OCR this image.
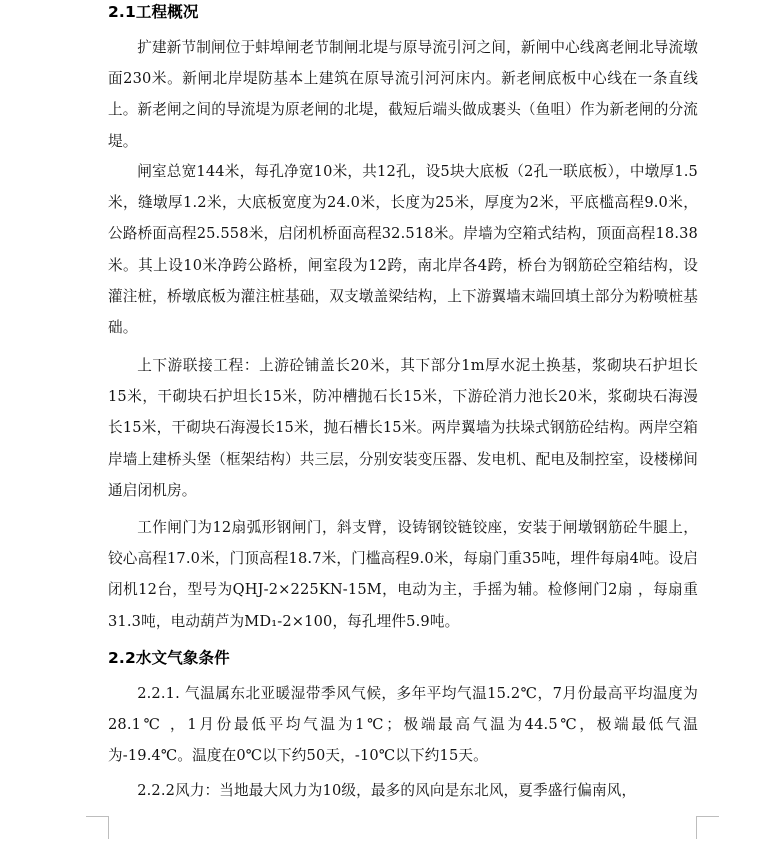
2.1工程概况

扩建新节制闸位于蚌埠闸老节制闸北堤与原导流引河之间，新闸中心线离老闸北导流墩面230米。新闸北岸堤防基本上建筑在原导流引河河床内。新老闸底板中心线在一条直线上。新老闸之间的导流堤为原老闸的北堤，截短后端头做成裹头（鱼咀）作为新老闸的分流堤。

闸室总宽144米，每孔净宽10米，共12孔，设5块大底板（2孔一联底板），中墩厚1.5米，缝墩厚1.2米，大底板宽度为24.0米，长度为25米，厚度为2米，平底槛高程9.0米，公路桥面高程25.558米，启闭机桥面高程32.518米。岸墙为空箱式结构，顶面高程18.38米。其上设10米净跨公路桥，闸室段为12跨，南北岸各4跨，桥台为钢筋砼空箱结构，设灌注桩，桥墩底板为灌注桩基础，双支墩盖梁结构，上下游翼墙末端回填土部分为粉喷桩基础。

上下游联接工程：上游砼铺盖长20米，其下部分1m厚水泥土换基，浆砌块石护坦长15米，干砌块石护坦长15米，防冲槽抛石长15米，下游砼消力池长20米，浆砌块石海漫长15米，干砌块石海漫长15米，抛石槽长15米。两岸翼墙为扶垛式钢筋砼结构。两岸空箱岸墙上建桥头堡（框架结构）共三层，分别安装变压器、发电机、配电及制控室，设楼梯间通启闭机房。

工作闸门为12扇弧形钢闸门，斜支臂，设铸钢铰链铰座，安装于闸墩钢筋砼牛腿上，铰心高程17.0米，门顶高程18.7米，门槛高程9.0米，每扇门重35吨，埋件每扇4吨。设启闭机12台，型号为QHJ-2×225KN-15M，电动为主，手摇为辅。检修闸门2扇 ，每扇重31.3吨，电动葫芦为MD₁-2×100，每孔埋件5.9吨。

2.2水文气象条件

2.2.1. 气温属东北亚暖湿带季风气候，多年平均气温15.2℃，7月份最高平均温度为28.1℃ ，1月份最低平均气温为1℃；极端最高气温为44.5℃，极端最低气温为-19.4℃。温度在0℃以下约50天，-10℃以下约15天。

2.2.2风力：当地最大风力为10级，最多的风向是东北风，夏季盛行偏南风，
